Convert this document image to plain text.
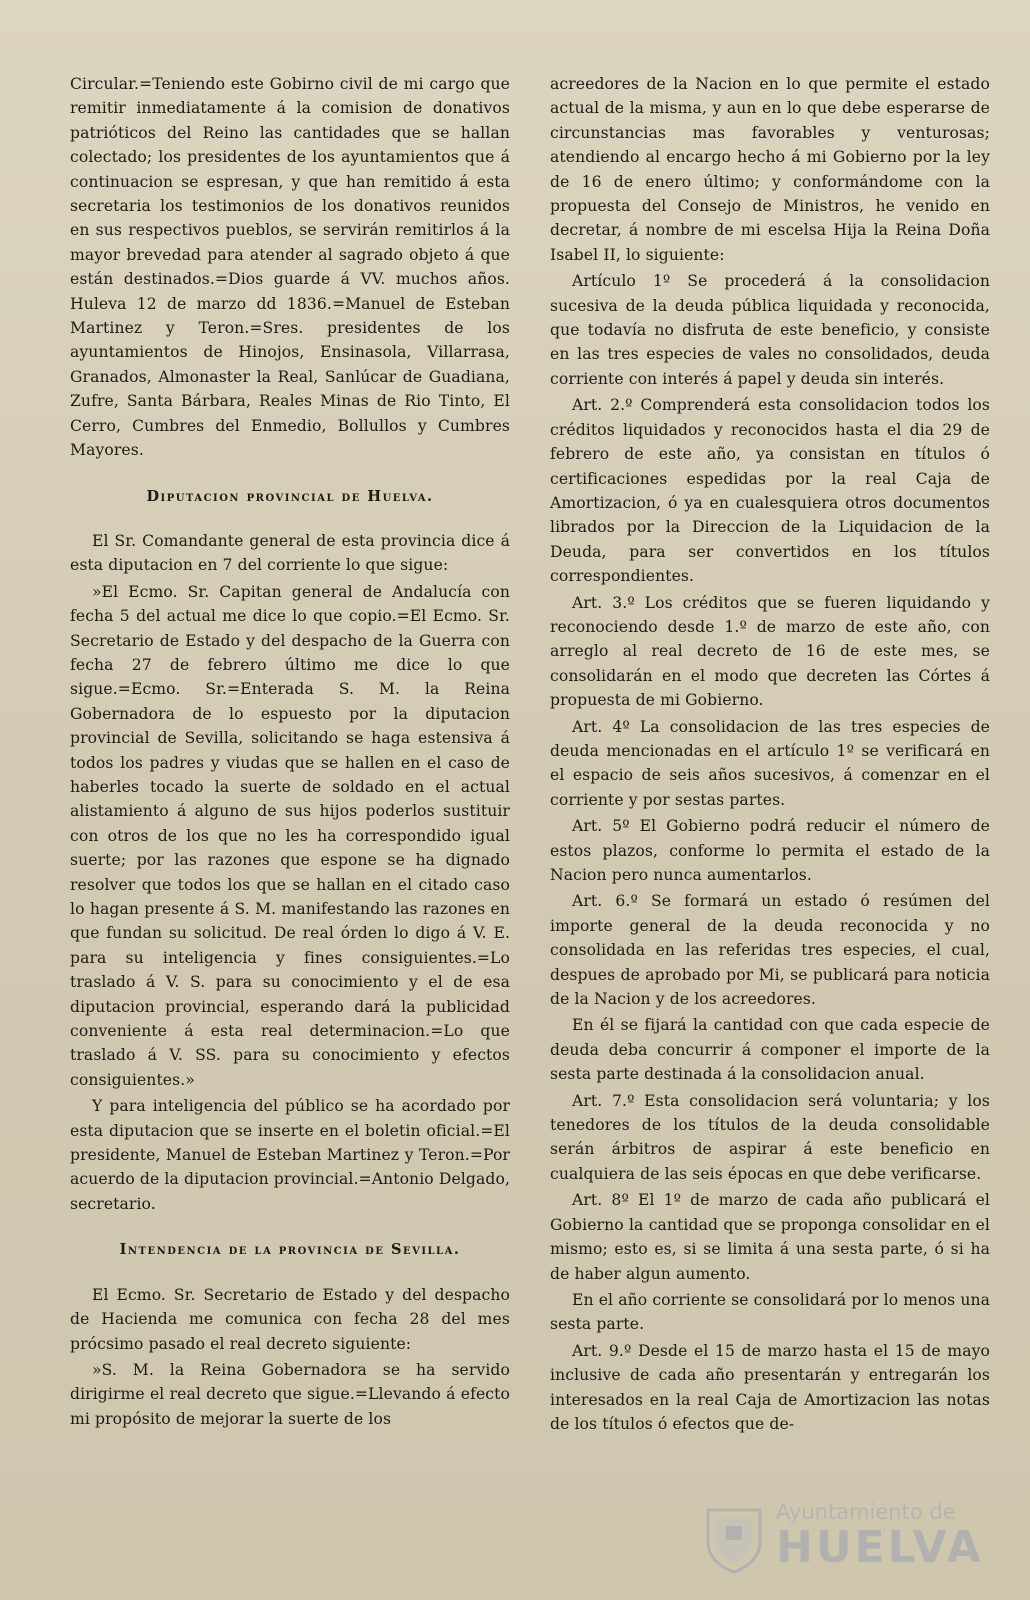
Circular.=Teniendo este Gobirno civil de mi cargo que remitir inmediatamente á la comision de donativos patrióticos del Reino las cantidades que se hallan colectado; los presidentes de los ayuntamientos que á continuacion se espresan, y que han remitido á esta secretaria los testimonios de los donativos reunidos en sus respectivos pueblos, se servirán remitirlos á la mayor brevedad para atender al sagrado objeto á que están destinados.=Dios guarde á VV. muchos años. Huleva 12 de marzo dd 1836.=Manuel de Esteban Martinez y Teron.=Sres. presidentes de los ayuntamientos de Hinojos, Ensinasola, Villarrasa, Granados, Almonaster la Real, Sanlúcar de Guadiana, Zufre, Santa Bárbara, Reales Minas de Rio Tinto, El Cerro, Cumbres del Enmedio, Bollullos y Cumbres Mayores.

Diputacion provincial de Huelva.

El Sr. Comandante general de esta provincia dice á esta diputacion en 7 del corriente lo que sigue:

»El Ecmo. Sr. Capitan general de Andalucía con fecha 5 del actual me dice lo que copio.=El Ecmo. Sr. Secretario de Estado y del despacho de la Guerra con fecha 27 de febrero último me dice lo que sigue.=Ecmo. Sr.=Enterada S. M. la Reina Gobernadora de lo espuesto por la diputacion provincial de Sevilla, solicitando se haga estensiva á todos los padres y viudas que se hallen en el caso de haberles tocado la suerte de soldado en el actual alistamiento á alguno de sus hijos poderlos sustituir con otros de los que no les ha correspondido igual suerte; por las razones que espone se ha dignado resolver que todos los que se hallan en el citado caso lo hagan presente á S. M. manifestando las razones en que fundan su solicitud. De real órden lo digo á V. E. para su inteligencia y fines consiguientes.=Lo traslado á V. S. para su conocimiento y el de esa diputacion provincial, esperando dará la publicidad conveniente á esta real determinacion.=Lo que traslado á V. SS. para su conocimiento y efectos consiguientes.»

Y para inteligencia del público se ha acordado por esta diputacion que se inserte en el boletin oficial.=El presidente, Manuel de Esteban Martinez y Teron.=Por acuerdo de la diputacion provincial.=Antonio Delgado, secretario.

Intendencia de la provincia de Sevilla.

El Ecmo. Sr. Secretario de Estado y del despacho de Hacienda me comunica con fecha 28 del mes prócsimo pasado el real decreto siguiente:

»S. M. la Reina Gobernadora se ha servido dirigirme el real decreto que sigue.=Llevando á efecto mi propósito de mejorar la suerte de los

acreedores de la Nacion en lo que permite el estado actual de la misma, y aun en lo que debe esperarse de circunstancias mas favorables y venturosas; atendiendo al encargo hecho á mi Gobierno por la ley de 16 de enero último; y conformándome con la propuesta del Consejo de Ministros, he venido en decretar, á nombre de mi escelsa Hija la Reina Doña Isabel II, lo siguiente:

Artículo 1º Se procederá á la consolidacion sucesiva de la deuda pública liquidada y reconocida, que todavía no disfruta de este beneficio, y consiste en las tres especies de vales no consolidados, deuda corriente con interés á papel y deuda sin interés.

Art. 2.º Comprenderá esta consolidacion todos los créditos liquidados y reconocidos hasta el dia 29 de febrero de este año, ya consistan en títulos ó certificaciones espedidas por la real Caja de Amortizacion, ó ya en cualesquiera otros documentos librados por la Direccion de la Liquidacion de la Deuda, para ser convertidos en los títulos correspondientes.

Art. 3.º Los créditos que se fueren liquidando y reconociendo desde 1.º de marzo de este año, con arreglo al real decreto de 16 de este mes, se consolidarán en el modo que decreten las Córtes á propuesta de mi Gobierno.

Art. 4º La consolidacion de las tres especies de deuda mencionadas en el artículo 1º se verificará en el espacio de seis años sucesivos, á comenzar en el corriente y por sestas partes.

Art. 5º El Gobierno podrá reducir el número de estos plazos, conforme lo permita el estado de la Nacion pero nunca aumentarlos.

Art. 6.º Se formará un estado ó resúmen del importe general de la deuda reconocida y no consolidada en las referidas tres especies, el cual, despues de aprobado por Mi, se publicará para noticia de la Nacion y de los acreedores.

En él se fijará la cantidad con que cada especie de deuda deba concurrir á componer el importe de la sesta parte destinada á la consolidacion anual.

Art. 7.º Esta consolidacion será voluntaria; y los tenedores de los títulos de la deuda consolidable serán árbitros de aspirar á este beneficio en cualquiera de las seis épocas en que debe verificarse.

Art. 8º El 1º de marzo de cada año publicará el Gobierno la cantidad que se proponga consolidar en el mismo; esto es, si se limita á una sesta parte, ó si ha de haber algun aumento.

En el año corriente se consolidará por lo menos una sesta parte.

Art. 9.º Desde el 15 de marzo hasta el 15 de mayo inclusive de cada año presentarán y entregarán los interesados en la real Caja de Amortizacion las notas de los títulos ó efectos que de-

Ayuntamiento de
HUELVA
